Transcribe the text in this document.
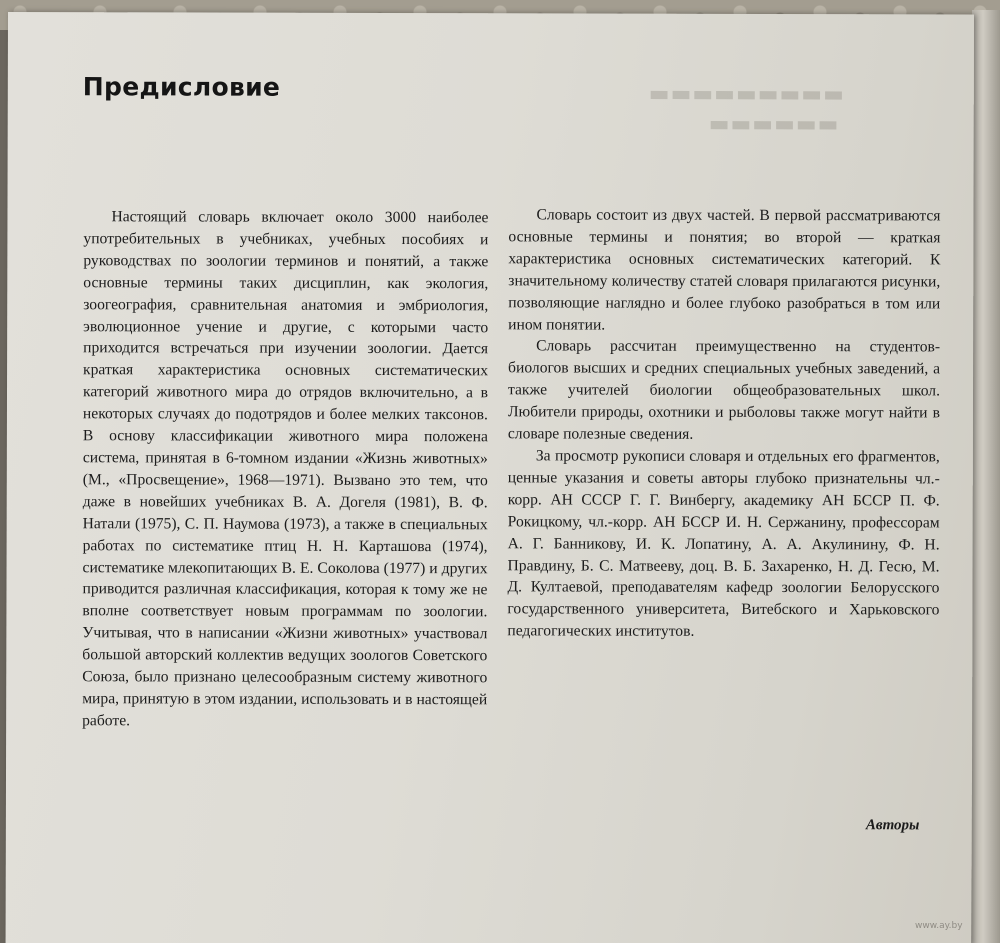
▬▬▬▬▬▬▬▬▬
▬▬▬▬▬▬
Предисловие

Настоящий словарь включает около 3000 наиболее употребительных в учебниках, учебных пособиях и руководствах по зоологии терминов и понятий, а также основные термины таких дисциплин, как экология, зоогеография, сравнительная анатомия и эмбриология, эволюционное учение и другие, с которыми часто приходится встречаться при изучении зоологии. Дается краткая характеристика основных систематических категорий животного мира до отрядов включительно, а в некоторых случаях до подотрядов и более мелких таксонов. В основу классификации животного мира положена система, принятая в 6-томном издании «Жизнь животных» (М., «Просвещение», 1968—1971). Вызвано это тем, что даже в новейших учебниках В. А. Догеля (1981), В. Ф. Натали (1975), С. П. Наумова (1973), а также в специальных работах по систематике птиц Н. Н. Карташова (1974), систематике млекопитающих В. Е. Соколова (1977) и других приводится различная классификация, которая к тому же не вполне соответствует новым программам по зоологии. Учитывая, что в написании «Жизни животных» участвовал большой авторский коллектив ведущих зоологов Советского Союза, было признано целесообразным систему животного мира, принятую в этом издании, использовать и в настоящей работе.

Словарь состоит из двух частей. В первой рассматриваются основные термины и понятия; во второй — краткая характеристика основных систематических категорий. К значительному количеству статей словаря прилагаются рисунки, позволяющие наглядно и более глубоко разобраться в том или ином понятии.

Словарь рассчитан преимущественно на студентов-биологов высших и средних специальных учебных заведений, а также учителей биологии общеобразовательных школ. Любители природы, охотники и рыболовы также могут найти в словаре полезные сведения.

За просмотр рукописи словаря и отдельных его фрагментов, ценные указания и советы авторы глубоко признательны чл.-корр. АН СССР Г. Г. Винбергу, академику АН БССР П. Ф. Рокицкому, чл.-корр. АН БССР И. Н. Сержанину, профессорам А. Г. Банникову, И. К. Лопатину, А. А. Акулинину, Ф. Н. Правдину, Б. С. Матвееву, доц. В. Б. Захаренко, Н. Д. Гесю, М. Д. Култаевой, преподавателям кафедр зоологии Белорусского государственного университета, Витебского и Харьковского педагогических институтов.

Авторы
www.ay.by
